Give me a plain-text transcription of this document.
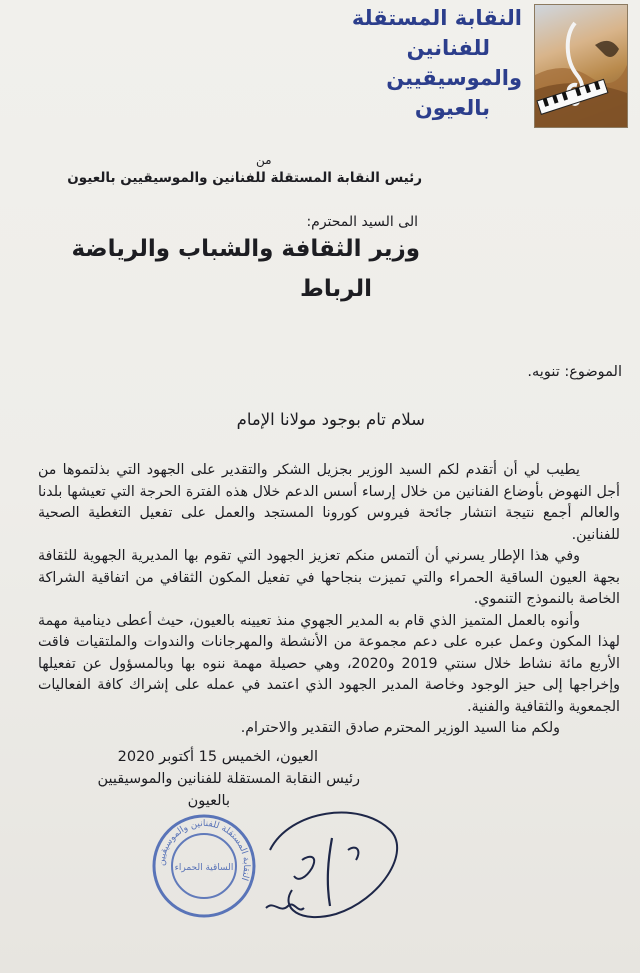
النقابة المستقلة
للفنانين
والموسيقيين
بالعيون
من
رئيس النقابة المستقلة للفنانين والموسيقيين بالعيون
الى السيد المحترم:
وزير الثقافة والشباب والرياضة
الرباط
الموضوع: تنويه.
سلام تام بوجود مولانا الإمام

يطيب لي أن أتقدم لكم السيد الوزير بجزيل الشكر والتقدير على الجهود التي بذلتموها من أجل النهوض بأوضاع الفنانين من خلال إرساء أسس الدعم خلال هذه الفترة الحرجة التي تعيشها بلدنا والعالم أجمع نتيجة انتشار جائحة فيروس كورونا المستجد والعمل على تفعيل التغطية الصحية للفنانين.

وفي هذا الإطار يسرني أن ألتمس منكم تعزيز الجهود التي تقوم بها المديرية الجهوية للثقافة بجهة العيون الساقية الحمراء والتي تميزت بنجاحها في تفعيل المكون الثقافي من اتفاقية الشراكة الخاصة بالنموذج التنموي.

وأنوه بالعمل المتميز الذي قام به المدير الجهوي منذ تعيينه بالعيون، حيث أعطى دينامية مهمة لهذا المكون وعمل عبره على دعم مجموعة من الأنشطة والمهرجانات والندوات والملتقيات فاقت الأربع مائة نشاط خلال سنتي 2019 و2020، وهي حصيلة مهمة ننوه بها وبالمسؤول عن تفعيلها وإخراجها إلى حيز الوجود وخاصة المدير الجهود الذي اعتمد في عمله على إشراك كافة الفعاليات الجمعوية والثقافية والفنية.

ولكم منا السيد الوزير المحترم صادق التقدير والاحترام.

العيون، الخميس 15 أكتوبر 2020
رئيس النقابة المستقلة للفنانين والموسيقيين
بالعيون
النقابة المستقلة للفنانين والموسيقيين
الساقية الحمراء
